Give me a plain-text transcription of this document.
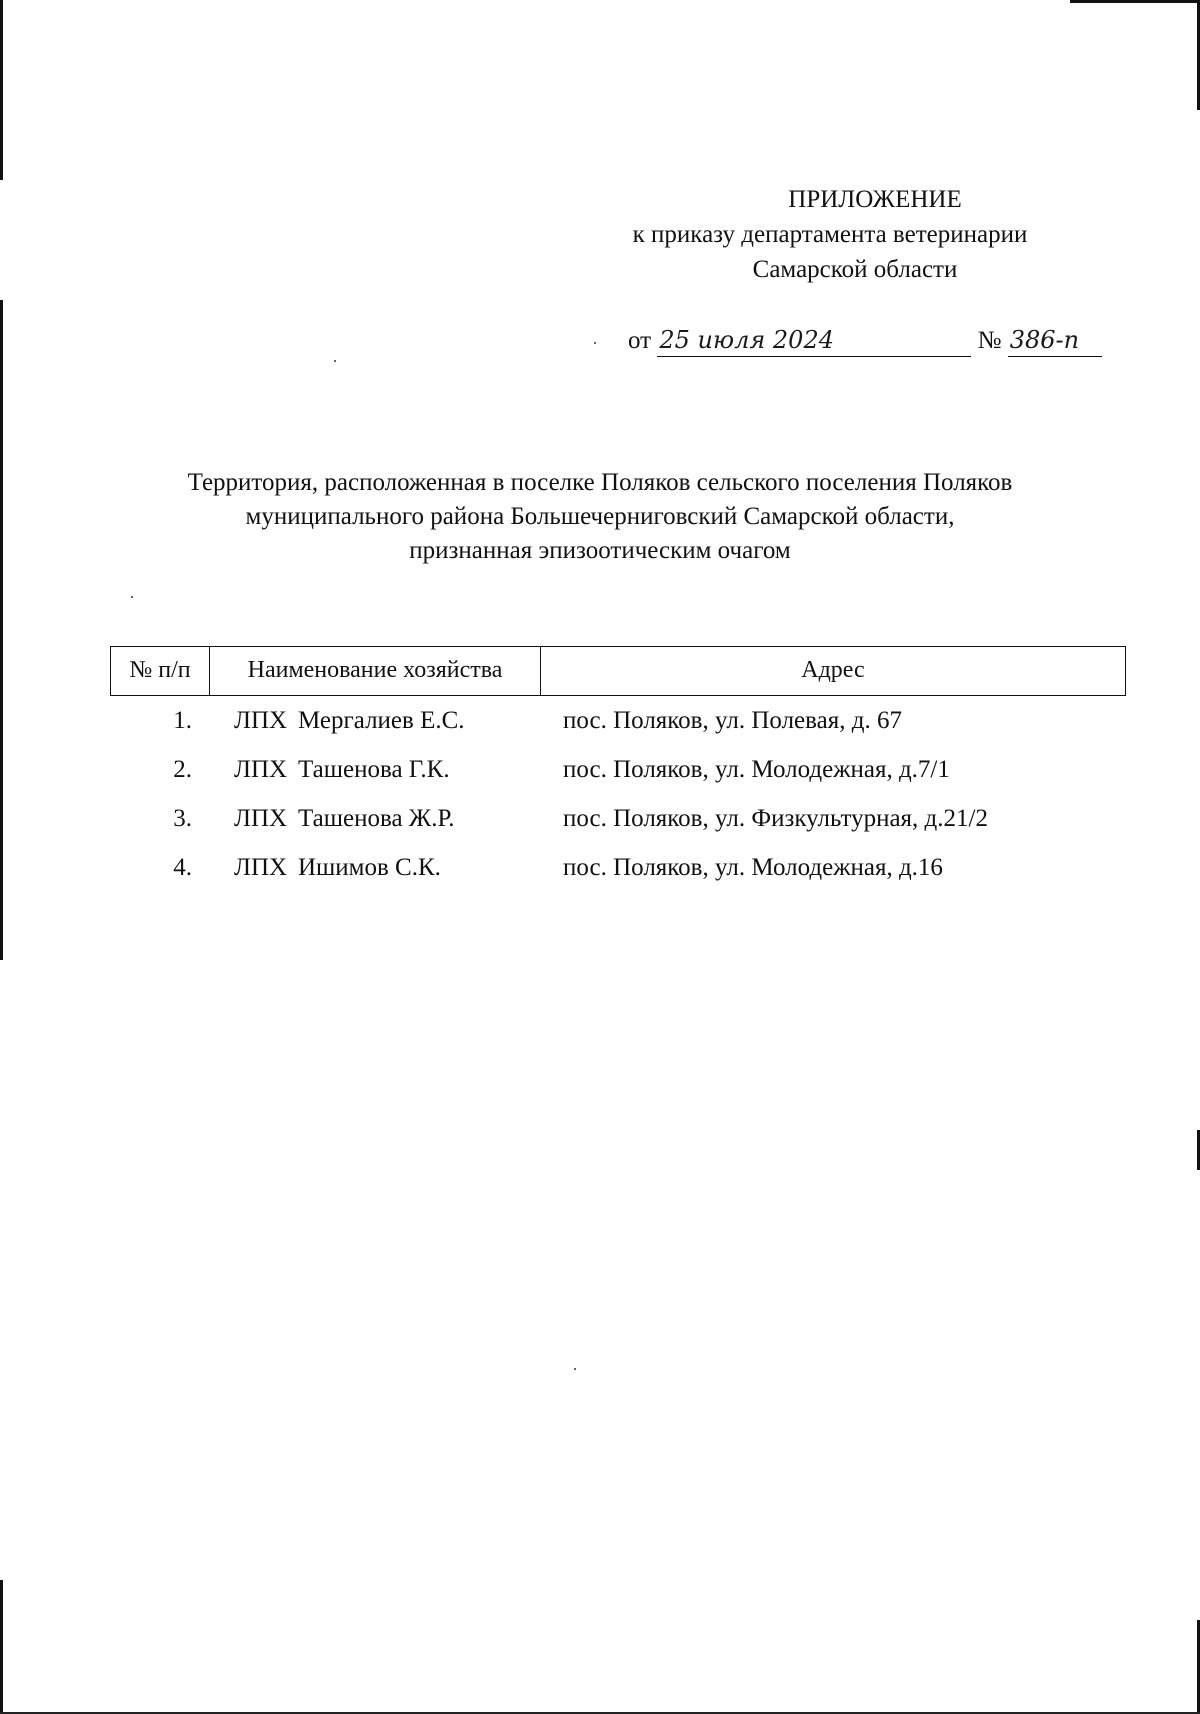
ПРИЛОЖЕНИЕ
к приказу департамента ветеринарии
Самарской области
от 25 июля 2024	№ 386-п
Территория, расположенная в поселке Поляков сельского поселения Поляков
муниципального района Большечерниговский Самарской области,
признанная эпизоотическим очагом
№ п/п	Наименование хозяйства	Адрес
1.	ЛПХ Мергалиев Е.С.	пос. Поляков, ул. Полевая, д. 67
2.	ЛПХ Ташенова Г.К.	пос. Поляков, ул. Молодежная, д.7/1
3.	ЛПХ Ташенова Ж.Р.	пос. Поляков, ул. Физкультурная, д.21/2
4.	ЛПХ Ишимов С.К.	пос. Поляков, ул. Молодежная, д.16
